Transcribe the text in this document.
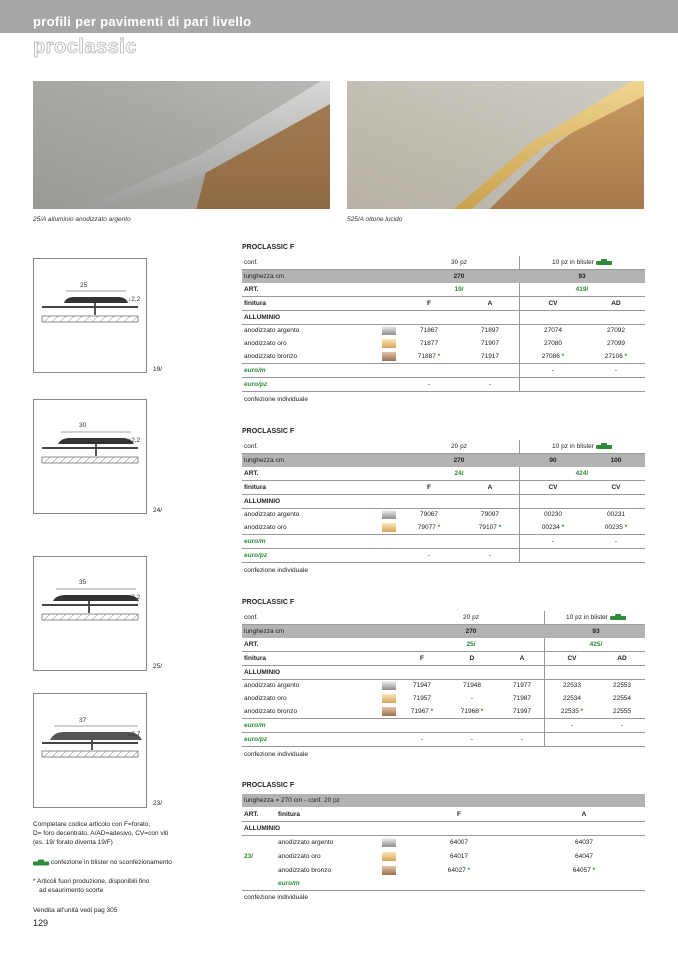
profili per pavimenti di pari livello
proclassic
25/A alluminio anodizzato argento	525/A ottone lucido
25
↕2,2
19/
30
↕2,2
24/
35
↕2,2
25/
37
↕2,7
23/
PROCLASSIC F
conf.	30 pz	10 pz in blister
lunghezza cm	270	93
ART.	19/	419/
finitura	F	A	CV	AD
ALLUMINIO
anodizzato argento	71867	71897	27074	27092
anodizzato oro	71877	71907	27080	27099
anodizzato bronzo	71887 *	71917	27086 *	27106 *
euro/m	-	-
euro/pz	-	-
confezione individuale
PROCLASSIC F
conf.	20 pz	10 pz in blister
lunghezza cm	270	90	100
ART.	24/	424/
finitura	F	A	CV	CV
ALLUMINIO
anodizzato argento	79067	79097	00230	00231
anodizzato oro	79077 *	79107 *	00234 *	00235 *
euro/m	-	-
euro/pz	-	-
confezione individuale
PROCLASSIC F
conf.	20 pz	10 pz in blister
lunghezza cm	270	93
ART.	25/	425/
finitura	F	D	A	CV	AD
ALLUMINIO
anodizzato argento	71947	71948	71977	22533	22553
anodizzato oro	71957	-	71987	22534	22554
anodizzato bronzo	71967 *	71968 *	71997	22535 *	22555
euro/m	-	-
euro/pz	-	-	-
confezione individuale
PROCLASSIC F
lunghezza = 270 cm - conf. 20 pz
ART.	finitura	F	A
ALLUMINIO
anodizzato argento	64007	64037
23/	anodizzato oro	64017	64047
anodizzato bronzo	64027 *	64057 *
euro/m
confezione individuale
Completare codice articolo con F=forato,
D= foro decentrato, A/AD=adesivo, CV=con viti
(es. 19/ forato diventa 19/F)
confezione in blister no sconfezionamento
* Articoli fuori produzione, disponibili fino
ad esaurimento scorte
Vendita all'unità vedi pag 305
129
